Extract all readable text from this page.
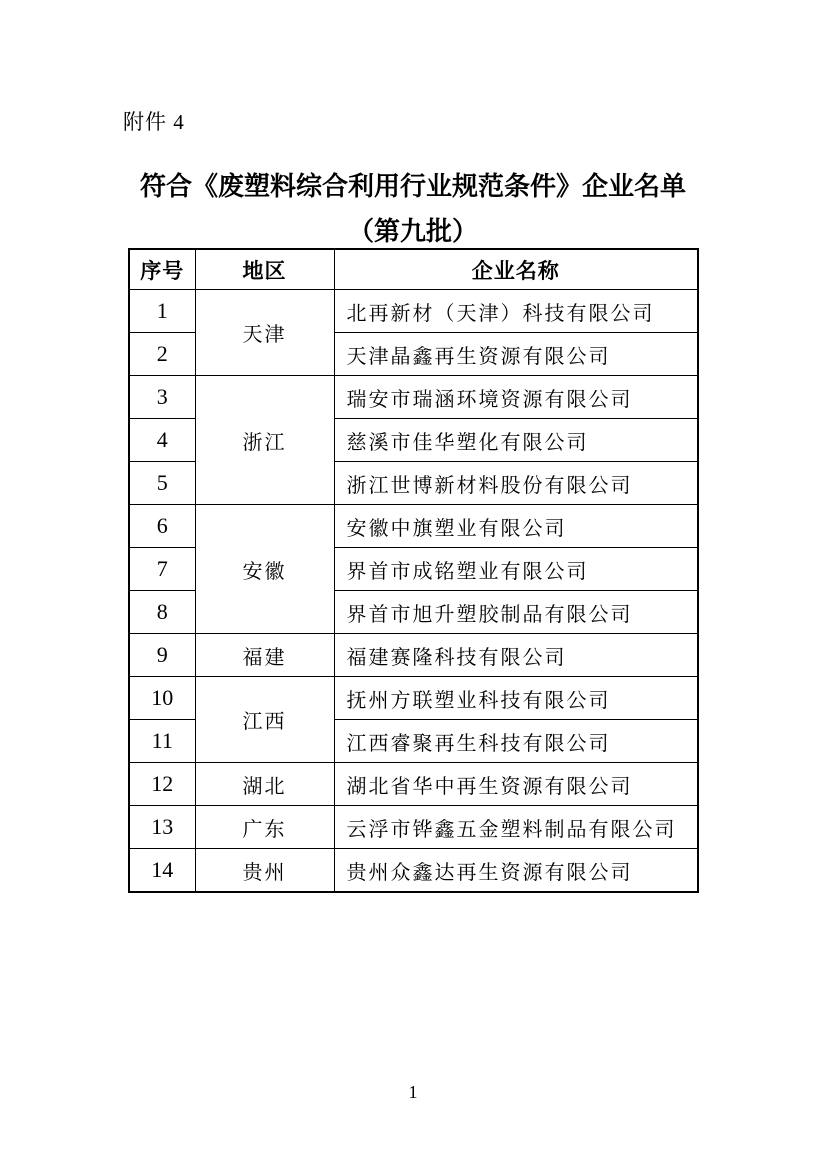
附件 4
符合《废塑料综合利用行业规范条件》企业名单
（第九批）
序号	地区	企业名称
1	天津	北再新材（天津）科技有限公司
2		天津晶鑫再生资源有限公司
3	浙江	瑞安市瑞涵环境资源有限公司
4		慈溪市佳华塑化有限公司
5		浙江世博新材料股份有限公司
6	安徽	安徽中旗塑业有限公司
7		界首市成铭塑业有限公司
8		界首市旭升塑胶制品有限公司
9	福建	福建赛隆科技有限公司
10	江西	抚州方联塑业科技有限公司
11		江西睿聚再生科技有限公司
12	湖北	湖北省华中再生资源有限公司
13	广东	云浮市铧鑫五金塑料制品有限公司
14	贵州	贵州众鑫达再生资源有限公司
1
